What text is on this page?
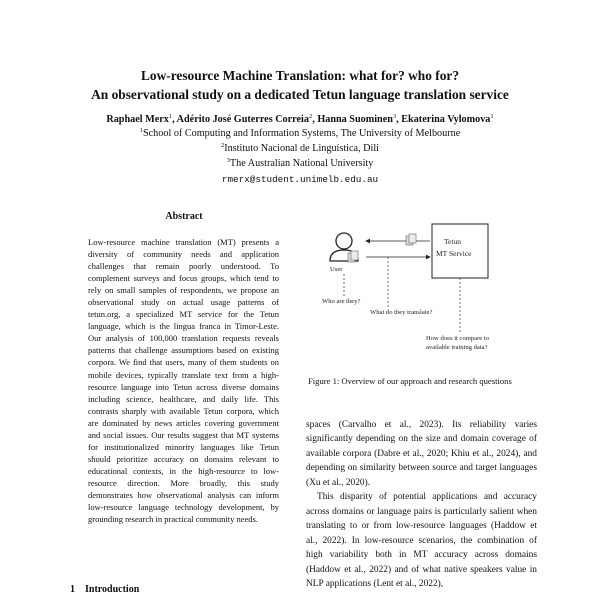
Low-resource Machine Translation: what for? who for?
An observational study on a dedicated Tetun language translation service
Raphael Merx$^1$, Adérito José Guterres Correia$^2$, Hanna Suominen$^3$, Ekaterina Vylomova$^1$
$^1$School of Computing and Information Systems, The University of Melbourne
$^2$Instituto Nacional de Linguística, Dili
$^3$The Australian National University
rmerx@student.unimelb.edu.au
Abstract
Low-resource machine translation (MT) presents a diversity of community needs and application challenges that remain poorly understood. To complement surveys and focus groups, which tend to rely on small samples of respondents, we propose an observational study on actual usage patterns of tetun.org, a specialized MT service for the Tetun language, which is the lingua franca in Timor-Leste. Our analysis of 100,000 translation requests reveals patterns that challenge assumptions based on existing corpora. We find that users, many of them students on mobile devices, typically translate text from a high-resource language into Tetun across diverse domains including science, healthcare, and daily life. This contrasts sharply with available Tetun corpora, which are dominated by news articles covering government and social issues. Our results suggest that MT systems for institutionalized minority languages like Tetun should prioritize accuracy on domains relevant to educational contexts, in the high-resource to low-resource direction. More broadly, this study demonstrates how observational analysis can inform low-resource language technology development, by grounding research in practical community needs.
1 Introduction
User
Tetun
MT Service
Who are they?
What do they translate?
How does it compare to
available training data?
Figure 1: Overview of our approach and research questions

spaces (Carvalho et al., 2023). Its reliability varies significantly depending on the size and domain coverage of available corpora (Dabre et al., 2020; Khiu et al., 2024), and depending on similarity between source and target languages (Xu et al., 2020).

This disparity of potential applications and accuracy across domains or language pairs is particularly salient when translating to or from low-resource languages (Haddow et al., 2022). In low-resource scenarios, the combination of high variability both in MT accuracy across domains (Haddow et al., 2022) and of what native speakers value in NLP applications (Lent et al., 2022),
